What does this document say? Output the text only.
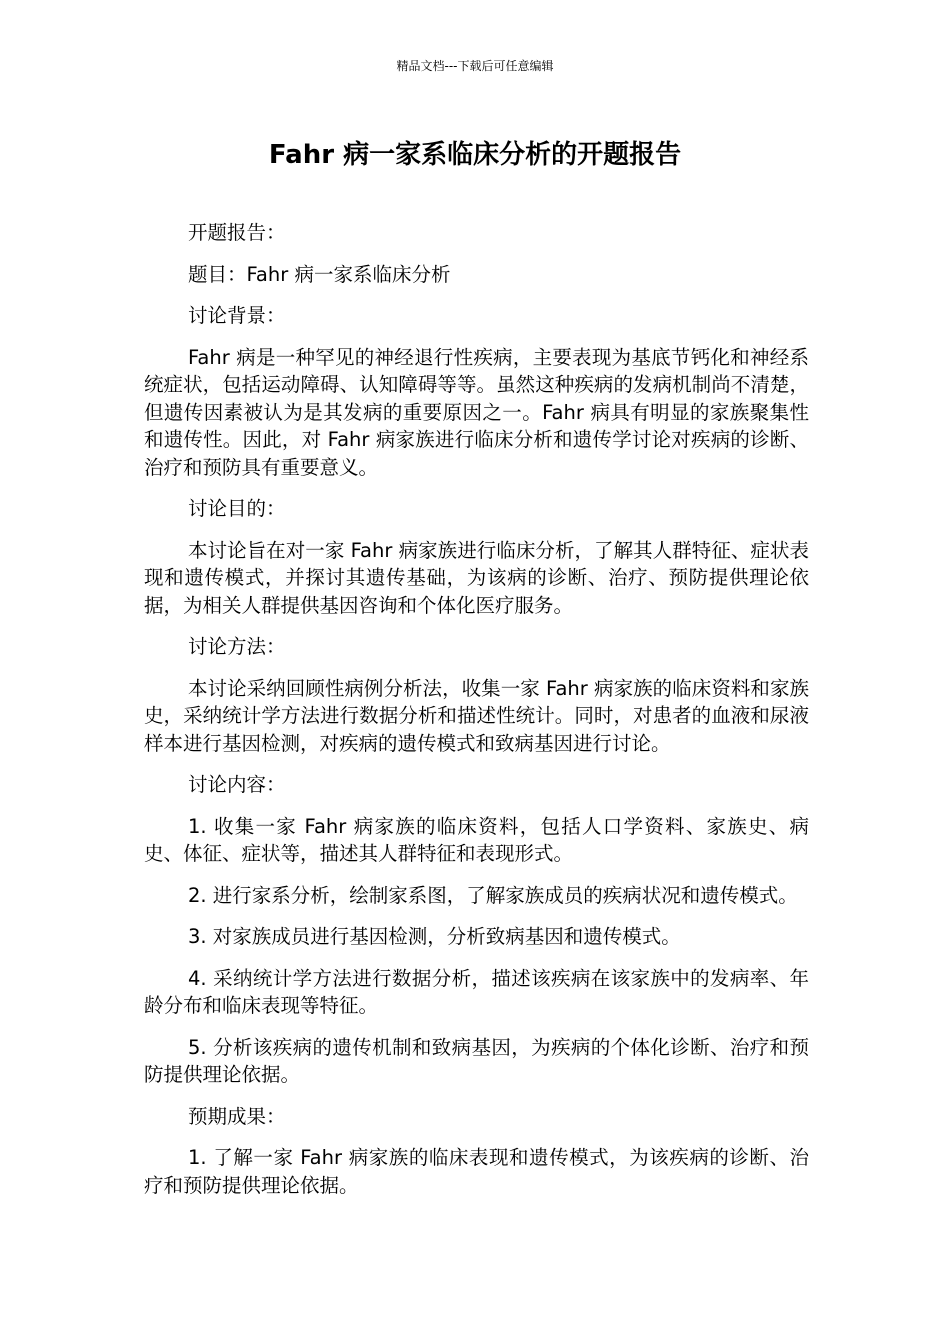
精品文档---下载后可任意编辑
Fahr 病一家系临床分析的开题报告

开题报告：

题目：Fahr 病一家系临床分析

讨论背景：

Fahr 病是一种罕见的神经退行性疾病，主要表现为基底节钙化和神经系统症状，包括运动障碍、认知障碍等等。虽然这种疾病的发病机制尚不清楚，但遗传因素被认为是其发病的重要原因之一。Fahr 病具有明显的家族聚集性和遗传性。因此，对 Fahr 病家族进行临床分析和遗传学讨论对疾病的诊断、治疗和预防具有重要意义。

讨论目的：

本讨论旨在对一家 Fahr 病家族进行临床分析，了解其人群特征、症状表现和遗传模式，并探讨其遗传基础，为该病的诊断、治疗、预防提供理论依据，为相关人群提供基因咨询和个体化医疗服务。

讨论方法：

本讨论采纳回顾性病例分析法，收集一家 Fahr 病家族的临床资料和家族史，采纳统计学方法进行数据分析和描述性统计。同时，对患者的血液和尿液样本进行基因检测，对疾病的遗传模式和致病基因进行讨论。

讨论内容：

1. 收集一家 Fahr 病家族的临床资料，包括人口学资料、家族史、病史、体征、症状等，描述其人群特征和表现形式。

2. 进行家系分析，绘制家系图，了解家族成员的疾病状况和遗传模式。

3. 对家族成员进行基因检测，分析致病基因和遗传模式。

4. 采纳统计学方法进行数据分析，描述该疾病在该家族中的发病率、年龄分布和临床表现等特征。

5. 分析该疾病的遗传机制和致病基因，为疾病的个体化诊断、治疗和预防提供理论依据。

预期成果：

1. 了解一家 Fahr 病家族的临床表现和遗传模式，为该疾病的诊断、治疗和预防提供理论依据。
